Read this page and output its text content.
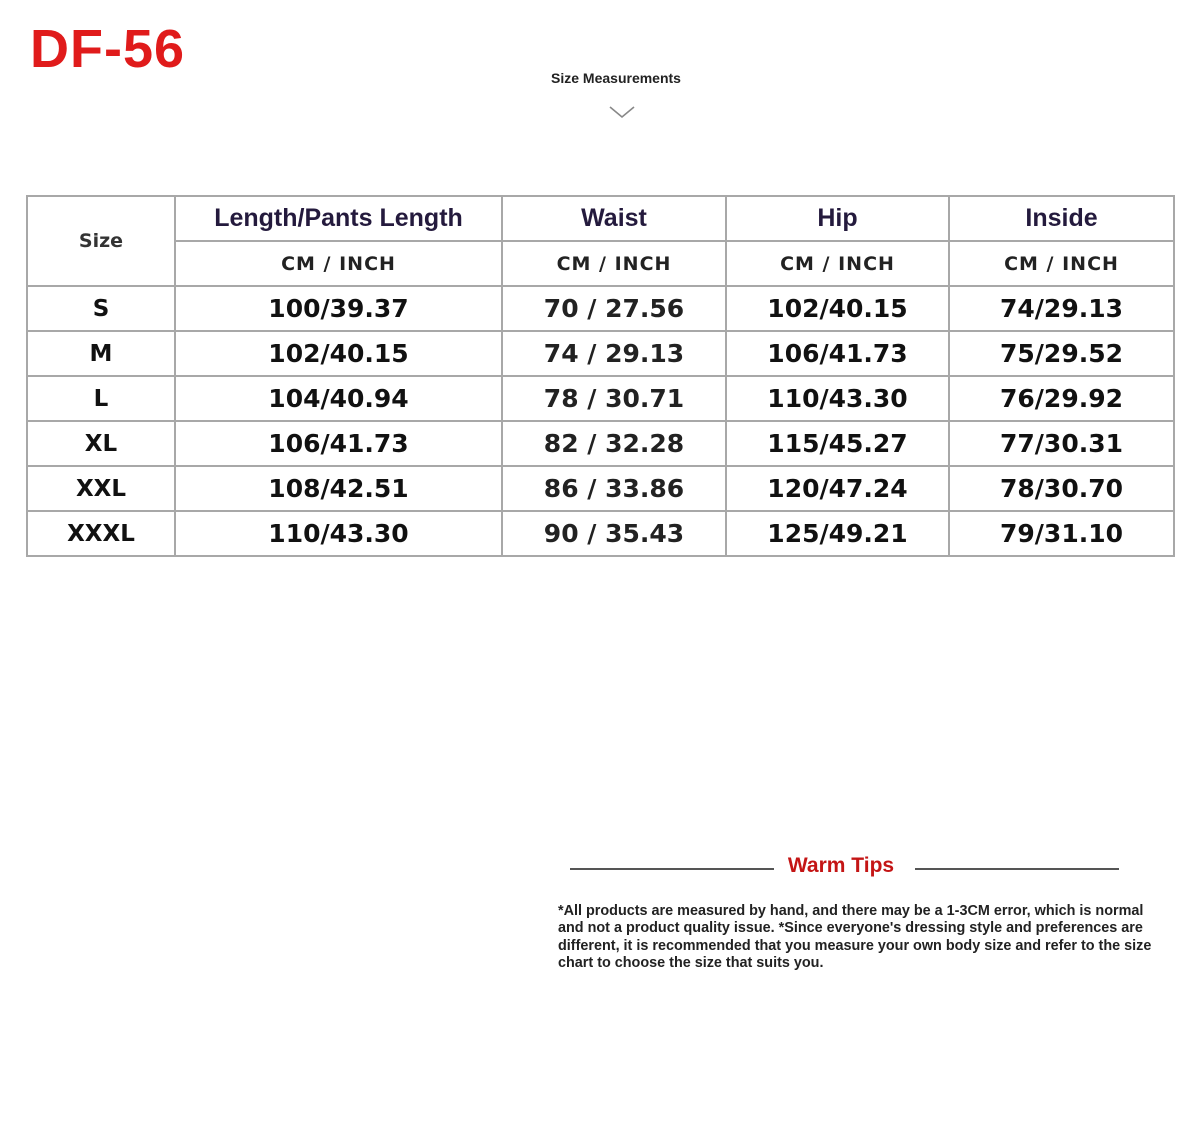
DF-56	Size Measurements
Size	Length/Pants Length	Waist	Hip	Inside
	CM / INCH	CM / INCH	CM / INCH	CM / INCH
S	100/39.37	70 / 27.56	102/40.15	74/29.13
M	102/40.15	74 / 29.13	106/41.73	75/29.52
L	104/40.94	78 / 30.71	110/43.30	76/29.92
XL	106/41.73	82 / 32.28	115/45.27	77/30.31
XXL	108/42.51	86 / 33.86	120/47.24	78/30.70
XXXL	110/43.30	90 / 35.43	125/49.21	79/31.10
Warm Tips
*All products are measured by hand, and there may be a 1-3CM error, which is normal and not a product quality issue. *Since everyone's dressing style and preferences are different, it is recommended that you measure your own body size and refer to the size chart to choose the size that suits you.
